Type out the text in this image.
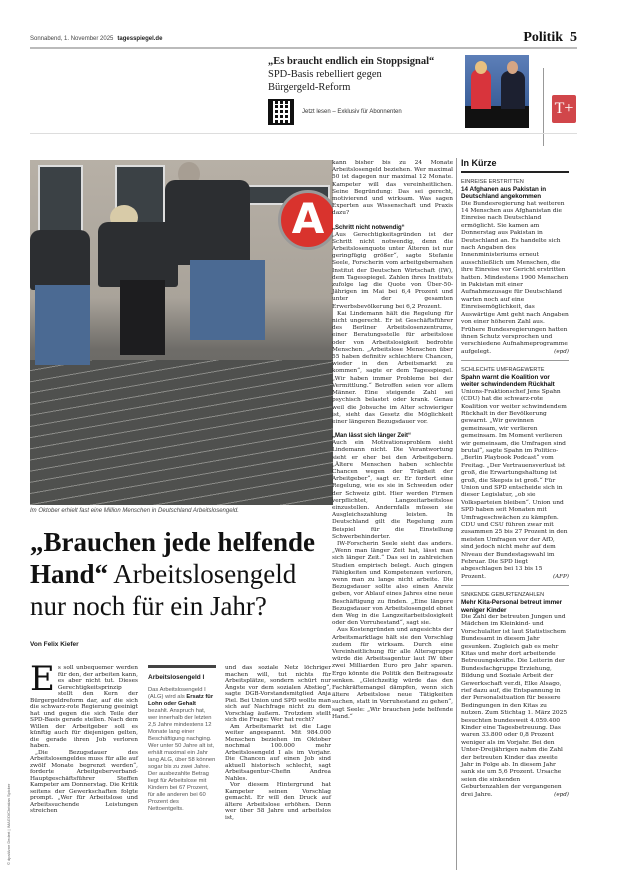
Sonnabend, 1. November 2025 tagesspiegel.de	Politik 5
„Es braucht endlich ein Stoppsignal“
SPD-Basis rebelliert gegen Bürgergeld-Reform
Jetzt lesen – Exklusiv für Abonnenten	T+
A
Im Oktober erhielt fast eine Million Menschen in Deutschland Arbeitslosengeld.
© dpa/Arne Dedert | IMAGO/Christian Spicker
„Brauchen jede helfende Hand“ Arbeitslosengeld nur noch für ein Jahr?
Von Felix Kiefer
E s soll unbequemer werden für den, der arbeiten kann, es aber nicht tut. Dieses Gerechtigkeitsprinzip stellt den Kern der Bürgergeldreform dar, auf die sich die schwarz-rote Regierung geeinigt hat und gegen die sich Teile der SPD-Basis gerade stellen. Nach dem Willen der Arbeitgeber soll es künftig auch für diejenigen gelten, die gerade ihren Job verloren haben.

„Die Bezugsdauer des Arbeitslosengeldes muss für alle auf zwölf Monate begrenzt werden“, forderte Arbeitgeberverband-Hauptgeschäftsführer Steffen Kampeter am Donnerstag. Die Kritik seitens der Gewerkschaften folgte prompt. „Wer für Arbeitslose und Arbeitssuchende Leistungen streichen

Arbeitslosengeld I
Das Arbeitslosengeld I (ALG) wird als Ersatz für Lohn oder Gehalt bezahlt. Anspruch hat, wer innerhalb der letzten 2,5 Jahre mindestens 12 Monate lang einer Beschäftigung nachging. Wer unter 50 Jahre alt ist, erhält maximal ein Jahr lang ALG, über 58 können sogar bis zu zwei Jahre. Der ausbezahlte Betrag liegt für Arbeitslose mit Kindern bei 67 Prozent, für alle anderen bei 60 Prozent des Nettoentgelts.

und das soziale Netz löchriger machen will, tut nichts für Arbeitsplätze, sondern schürt nur Ängste vor dem sozialen Abstieg“, sagte DGB-Vorstandsmitglied Anja Piel. Bei Union und SPD wollte man sich auf Nachfrage nicht zu dem Vorschlag äußern. Trotzdem stellt sich die Frage: Wer hat recht?

Am Arbeitsmarkt ist die Lage weiter angespannt. Mit 984.000 Menschen beziehen im Oktober nochmal 100.000 mehr Arbeitslosengeld I als im Vorjahr. Die Chancen auf einen Job sind aktuell historisch schlecht, sagt Arbeitsagentur-Chefin Andrea Nahles.

Vor diesem Hintergrund hat Kampeter seinen Vorschlag gemacht. Er will den Druck auf ältere Arbeitslose erhöhen. Denn wer über 58 Jahre und arbeitslos ist,

kann bisher bis zu 24 Monate Arbeitslosengeld beziehen. Wer maximal 50 ist dagegen nur maximal 12 Monate. Kampeter will das vereinheitlichen. Seine Begründung: Das sei gerecht, motivierend und wirksam. Was sagen Experten aus Wissenschaft und Praxis dazu?

„Schritt nicht notwendig“

„Aus Gerechtigkeitsgründen ist der Schritt nicht notwendig, denn die Arbeitslosenquote unter Älteren ist nur geringfügig größer“, sagte Stefanie Seele, Forscherin vom arbeitgebernahen Institut der Deutschen Wirtschaft (IW), dem Tagesspiegel. Zahlen ihres Instituts zufolge lag die Quote von Über-50-Jährigen im Mai bei 6,4 Prozent und unter der gesamten Erwerbsbevölkerung bei 6,2 Prozent.

Kai Lindemann hält die Regelung für nicht ungerecht. Er ist Geschäftsführer des Berliner Arbeitslosenzentrums, einer Beratungsstelle für arbeitslose oder von Arbeitslosigkeit bedrohte Menschen. „Arbeitslose Menschen über 55 haben definitiv schlechtere Chancen, wieder in den Arbeitsmarkt zu kommen“, sagte er dem Tagesspiegel. „Wir haben immer Probleme bei der Vermittlung.“ Betroffen seien vor allem Männer. Eine steigende Zahl sei psychisch belastet oder krank. Genau weil die Jobsuche im Alter schwieriger ist, sieht das Gesetz die Möglichkeit einer längeren Bezugsdauer vor.

„Man lässt sich länger Zeit“

Auch ein Motivationsproblem sieht Lindemann nicht. Die Verantwortung sieht er eher bei den Arbeitgebern. „Ältere Menschen haben schlechte Chancen wegen der Trägheit der Arbeitgeber“, sagt er. Er fordert eine Regelung, wie es sie in Schweden oder der Schweiz gibt. Hier werden Firmen verpflichtet, Langzeitarbeitslose einzustellen. Andernfalls müssen sie Ausgleichszahlung leisten. In Deutschland gilt die Regelung zum Beispiel für die Einstellung Schwerbehinderter.

IW-Forscherin Seele sieht das anders. „Wenn man länger Zeit hat, lässt man sich länger Zeit.“ Das sei in zahlreichen Studien empirisch belegt. Auch gingen Fähigkeiten und Kompetenzen verloren, wenn man zu lange nicht arbeite. Die Bezugsdauer sollte also einen Anreiz geben, vor Ablauf eines Jahres eine neue Beschäftigung zu finden. „Eine längere Bezugsdauer von Arbeitslosengeld ebnet den Weg in die Langzeitarbeitslosigkeit oder den Vorruhestand“, sagt sie.

Aus Kostengründen und angesichts der Arbeitsmarktlage hält sie den Vorschlag zudem für wirksam. Durch eine Vereinheitlichung für alle Altersgruppe würde die Arbeitsagentur laut IW über zwei Milliarden Euro pro Jahr sparen. Ergo könnte die Politik den Beitragssatz senken. „Gleichzeitig würde das den Fachkräftemangel dämpfen, wenn sich ältere Arbeitslose neue Tätigkeiten suchen, statt in Vorruhestand zu gehen“, sagt Seele: „Wir brauchen jede helfende Hand.“

In Kürze
EINREISE ERSTRITTEN
14 Afghanen aus Pakistan in Deutschland angekommen
Die Bundesregierung hat weiteren 14 Menschen aus Afghanistan die Einreise nach Deutschland ermöglicht. Sie kamen am Donnerstag aus Pakistan in Deutschland an. Es handelte sich nach Angaben des Innenministeriums erneut ausschließlich um Menschen, die ihre Einreise vor Gericht erstritten hatten. Mindestens 1900 Menschen in Pakistan mit einer Aufnahmezusage für Deutschland warten noch auf eine Einreisemöglichkeit, das Auswärtige Amt geht nach Angaben von einer höheren Zahl aus. Frühere Bundesregierungen hatten ihnen Schutz versprochen und verschiedene Aufnahmeprogramme aufgelegt.	(epd)
SCHLECHTE UMFRAGEWERTE
Spahn warnt die Koalition vor weiter schwindendem Rückhalt
Unions-Fraktionschef Jens Spahn (CDU) hat die schwarz-rote Koalition vor weiter schwindendem Rückhalt in der Bevölkerung gewarnt. „Wir gewinnen gemeinsam, wir verlieren gemeinsam. Im Moment verlieren wir gemeinsam, die Umfragen sind brutal“, sagte Spahn im Politico-„Berlin Playbook Podcast“ vom Freitag. „Der Vertrauensverlust ist groß, die Erwartungshaltung ist groß, die Skepsis ist groß.“ Für Union und SPD entscheide sich in dieser Legislatur, „ob sie Volksparteien bleiben“. Union und SPD haben seit Monaten mit Umfrageschwächen zu kämpfen. CDU und CSU führen zwar mit zusammen 25 bis 27 Prozent in den meisten Umfragen vor der AfD, sind jedoch nicht mehr auf dem Niveau der Bundestagswahl im Februar. Die SPD liegt abgeschlagen bei 13 bis 15 Prozent.	(AFP)
SINKENDE GEBURTENZAHLEN
Mehr Kita-Personal betreut immer weniger Kinder
Die Zahl der betreuten Jungen und Mädchen im Kleinkind- und Vorschulalter ist laut Statistischem Bundesamt in diesem Jahr gesunken. Zugleich gab es mehr Kitas und mehr dort arbeitende Betreuungskräfte. Die Leiterin der Bundesfachgruppe Erziehung, Bildung und Soziale Arbeit der Gewerkschaft ver.di, Elke Alsago, rief dazu auf, die Entspannung in der Personalsituation für bessere Bedingungen in den Kitas zu nutzen. Zum Stichtag 1. März 2025 besuchten bundesweit 4.059.400 Kinder eine Tagesbetreuung. Das waren 33.800 oder 0,8 Prozent weniger als im Vorjahr. Bei den Unter-Dreijährigen nahm die Zahl der betreuten Kinder das zweite Jahr in Folge ab. In diesem Jahr sank sie um 5,6 Prozent. Ursache seien die sinkenden Geburtenzahlen der vergangenen drei Jahre.	(epd)
